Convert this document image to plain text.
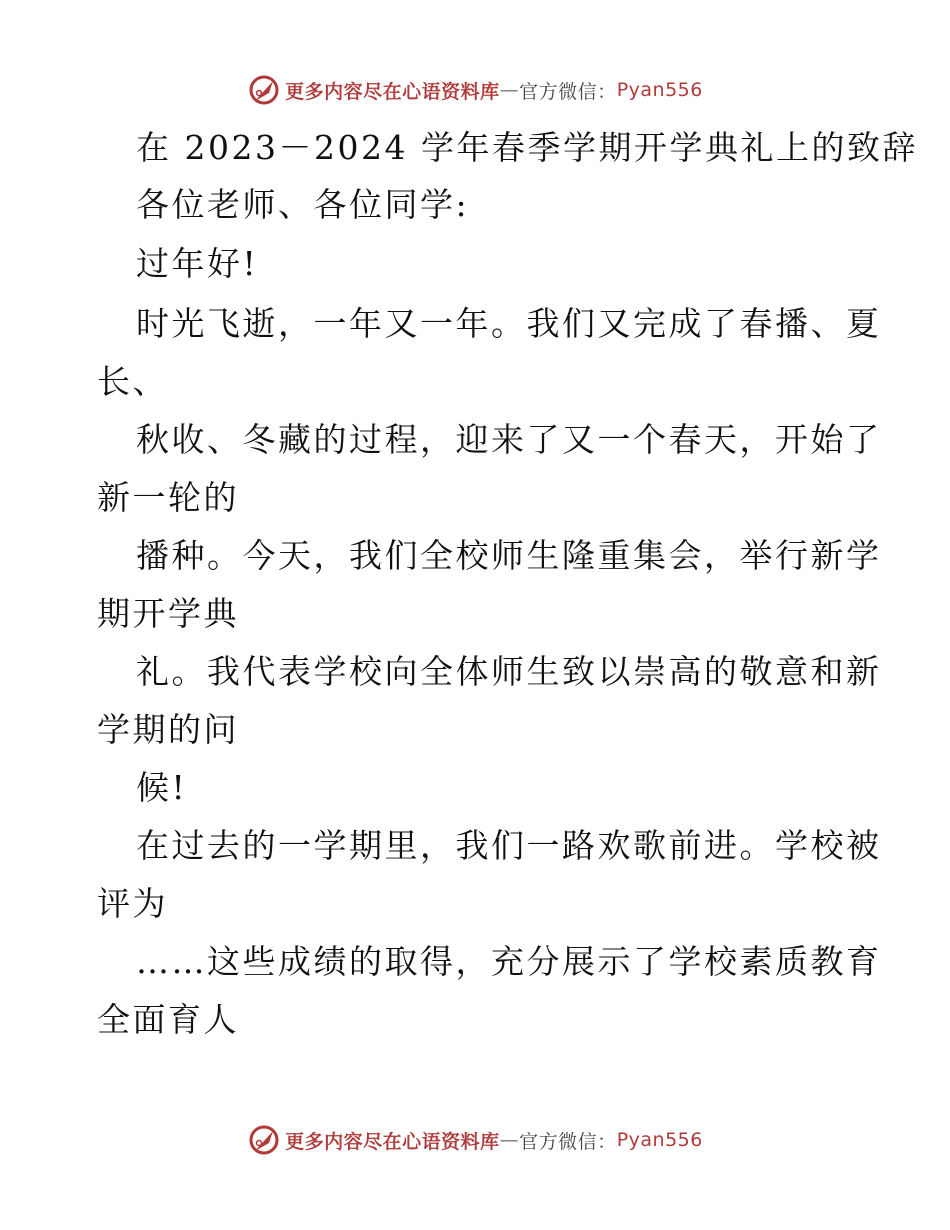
更多内容尽在心语资料库 — 官方微信 ： Pyan556
在 2023－2024 学年春季学期开学典礼上的致辞
各位老师、各位同学:
过年好!
时光飞逝，一年又一年。我们又完成了春播、夏
长、
秋收、冬藏的过程，迎来了又一个春天，开始了
新一轮的
播种。今天，我们全校师生隆重集会，举行新学
期开学典
礼。我代表学校向全体师生致以崇高的敬意和新
学期的问
候!
在过去的一学期里，我们一路欢歌前进。学校被
评为
……这些成绩的取得，充分展示了学校素质教育
全面育人
更多内容尽在心语资料库 — 官方微信 ： Pyan556
